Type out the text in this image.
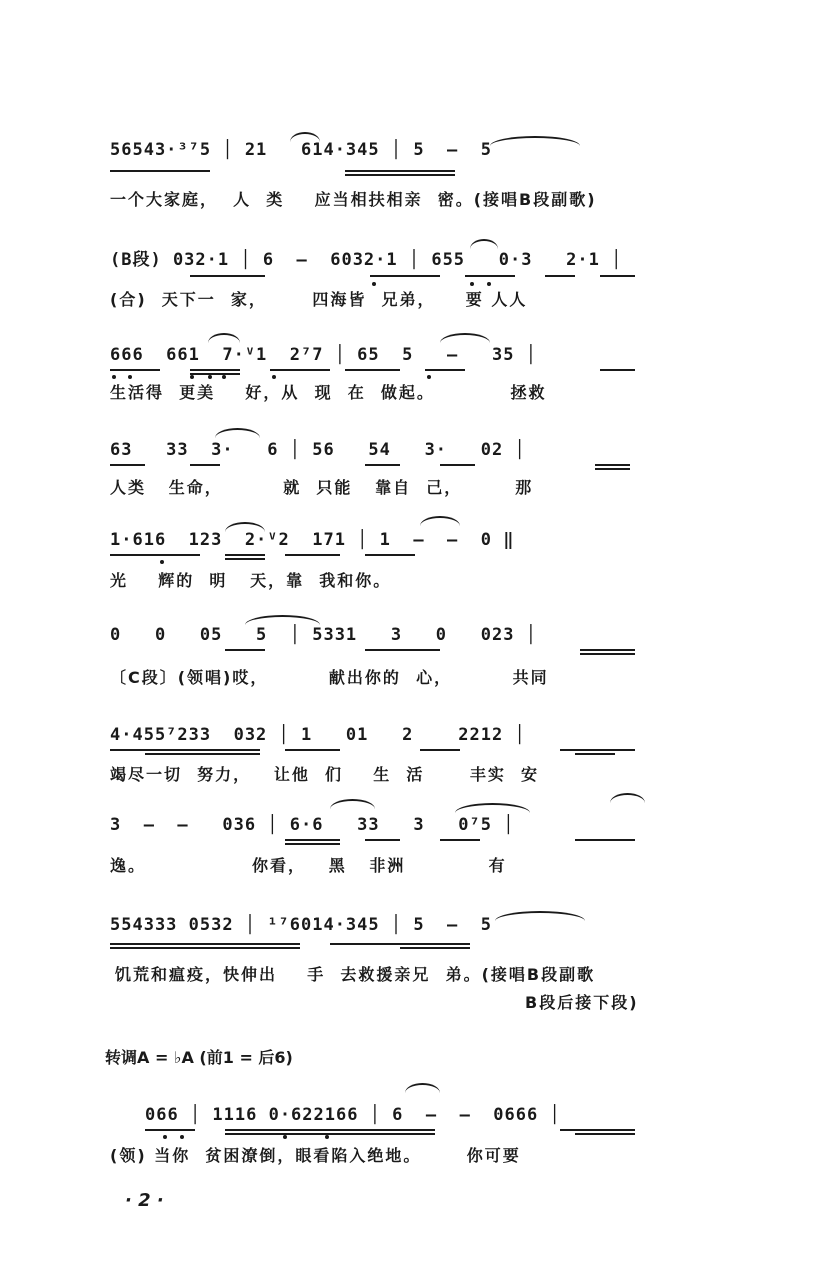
56543·³⁷5 │ 21   614·345 │ 5  —  5
一个大家庭，  人  类    应当相扶相亲  密。(接唱B段副歌)
(B段) 032·1 │ 6  —  6032·1 │ 655   0·3   2·1 │
(合)  天下一  家，      四海皆  兄弟，    要 人人
666  661  7·ⱽ1  2⁷7 │ 65  5   —   35 │
生活得  更美    好，从  现  在  做起。          拯救
63   33  3·   6 │ 56   54   3·   02 │
人类   生命，        就  只能   靠自  己，       那
1·616  123  2·ⱽ2  171 │ 1  —  —  0 ‖
光    辉的  明   天，靠  我和你。
0   0   05   5  │ 5331   3   0   023 │
〔C段〕(领唱)哎，        献出你的  心，        共同
4·455⁷233  032 │ 1   01   2    2212 │
竭尽一切  努力，   让他  们    生  活      丰实  安
3  —  —   036 │ 6·6   33   3   0⁷5 │
逸。              你看，   黑   非洲           有
554333 0532 │ ¹⁷6014·345 │ 5  —  5
饥荒和瘟疫，快伸出    手  去救援亲兄  弟。(接唱B段副歌
B段后接下段)
转调A = ♭A (前1 = 后6)
066 │ 1116 0·622166 │ 6  —  —  0666 │
(领) 当你  贫困潦倒，眼看陷入绝地。      你可要
· 2 ·
